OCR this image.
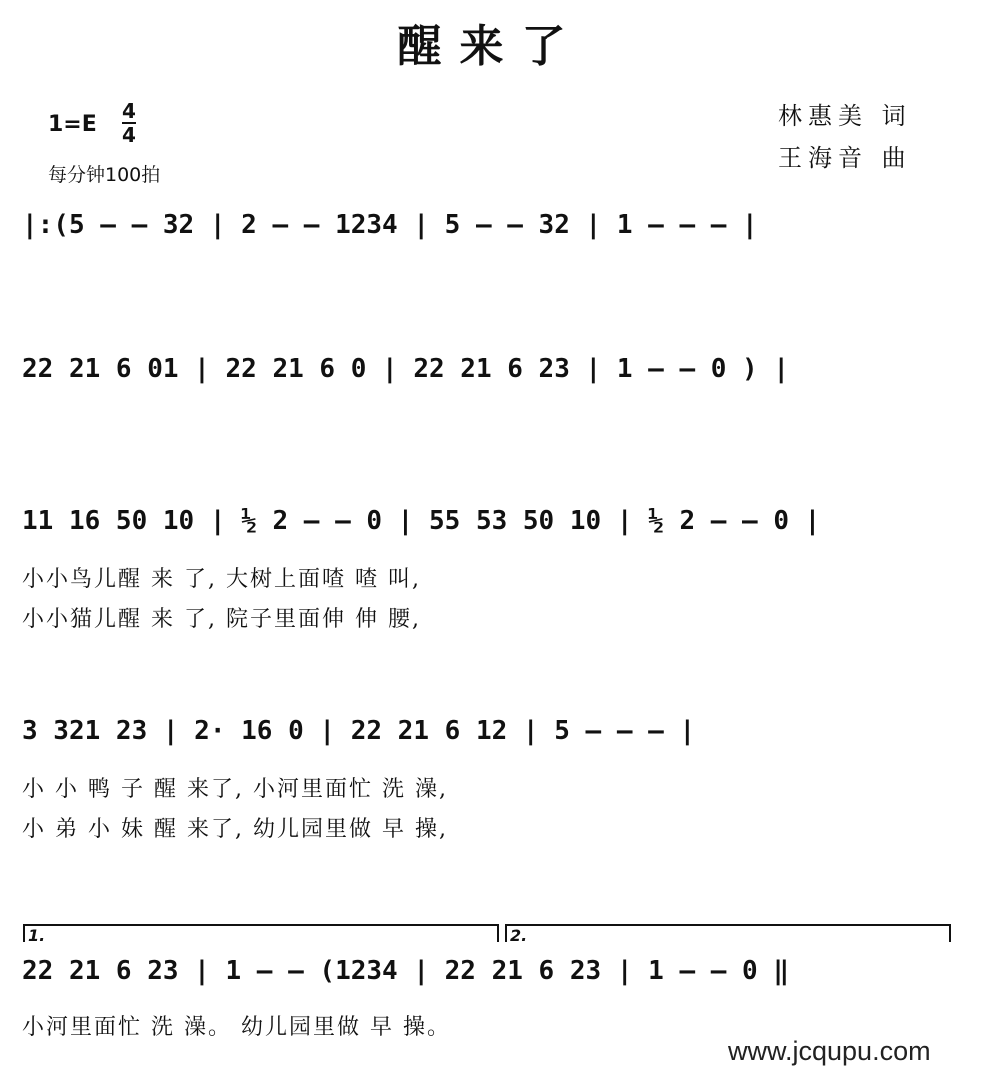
醒来了
1=E
4
4
每分钟100拍
林惠美 词
王海音 曲
|:(5 – – 32 | 2 – – 1234 | 5 – – 32 | 1 – – – |
22 21 6 01 | 22 21 6 0 | 22 21 6 23 | 1 – – 0 ) |
11 16 50 10 | ½ 2 – – 0 | 55 53 50 10 | ½ 2 – – 0 |
小小鸟儿醒 来 了, 大树上面喳 喳 叫,
小小猫儿醒 来 了, 院子里面伸 伸 腰,
3 321 23 | 2· 16 0 | 22 21 6 12 | 5 – – – |
小 小 鸭 子 醒 来了, 小河里面忙 洗 澡,
小 弟 小 妹 醒 来了, 幼儿园里做 早 操,
1.	2.
22 21 6 23 | 1 – – (1234 | 22 21 6 23 | 1 – – 0 ‖
小河里面忙 洗 澡。 幼儿园里做 早 操。
www.jcqupu.com
